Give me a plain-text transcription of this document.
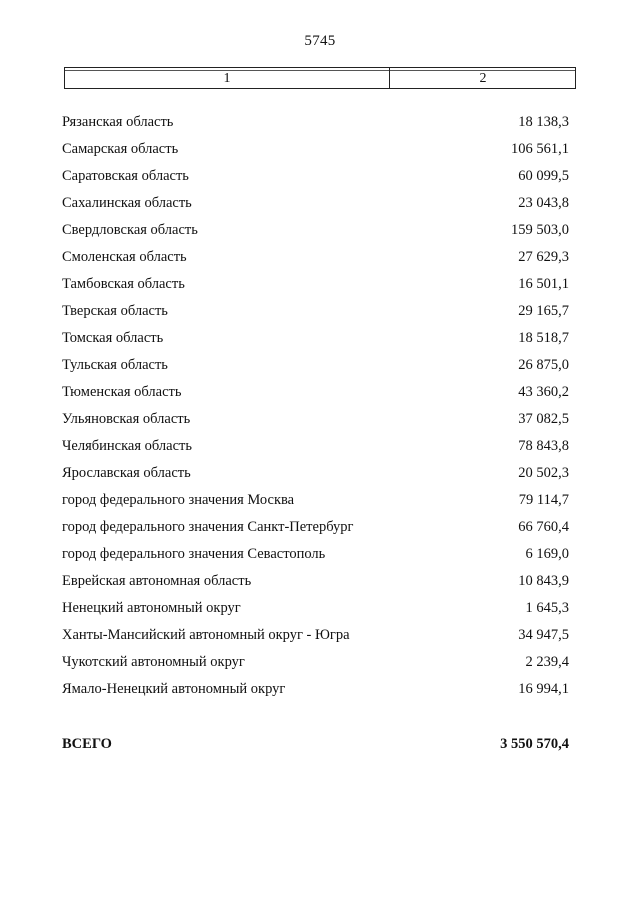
5745
1	2
Рязанская область	18 138,3
Самарская область	106 561,1
Саратовская область	60 099,5
Сахалинская область	23 043,8
Свердловская область	159 503,0
Смоленская область	27 629,3
Тамбовская область	16 501,1
Тверская область	29 165,7
Томская область	18 518,7
Тульская область	26 875,0
Тюменская область	43 360,2
Ульяновская область	37 082,5
Челябинская область	78 843,8
Ярославская область	20 502,3
город федерального значения Москва	79 114,7
город федерального значения Санкт-Петербург	66 760,4
город федерального значения Севастополь	6 169,0
Еврейская автономная область	10 843,9
Ненецкий автономный округ	1 645,3
Ханты-Мансийский автономный округ - Югра	34 947,5
Чукотский автономный округ	2 239,4
Ямало-Ненецкий автономный округ	16 994,1
ВСЕГО	3 550 570,4
